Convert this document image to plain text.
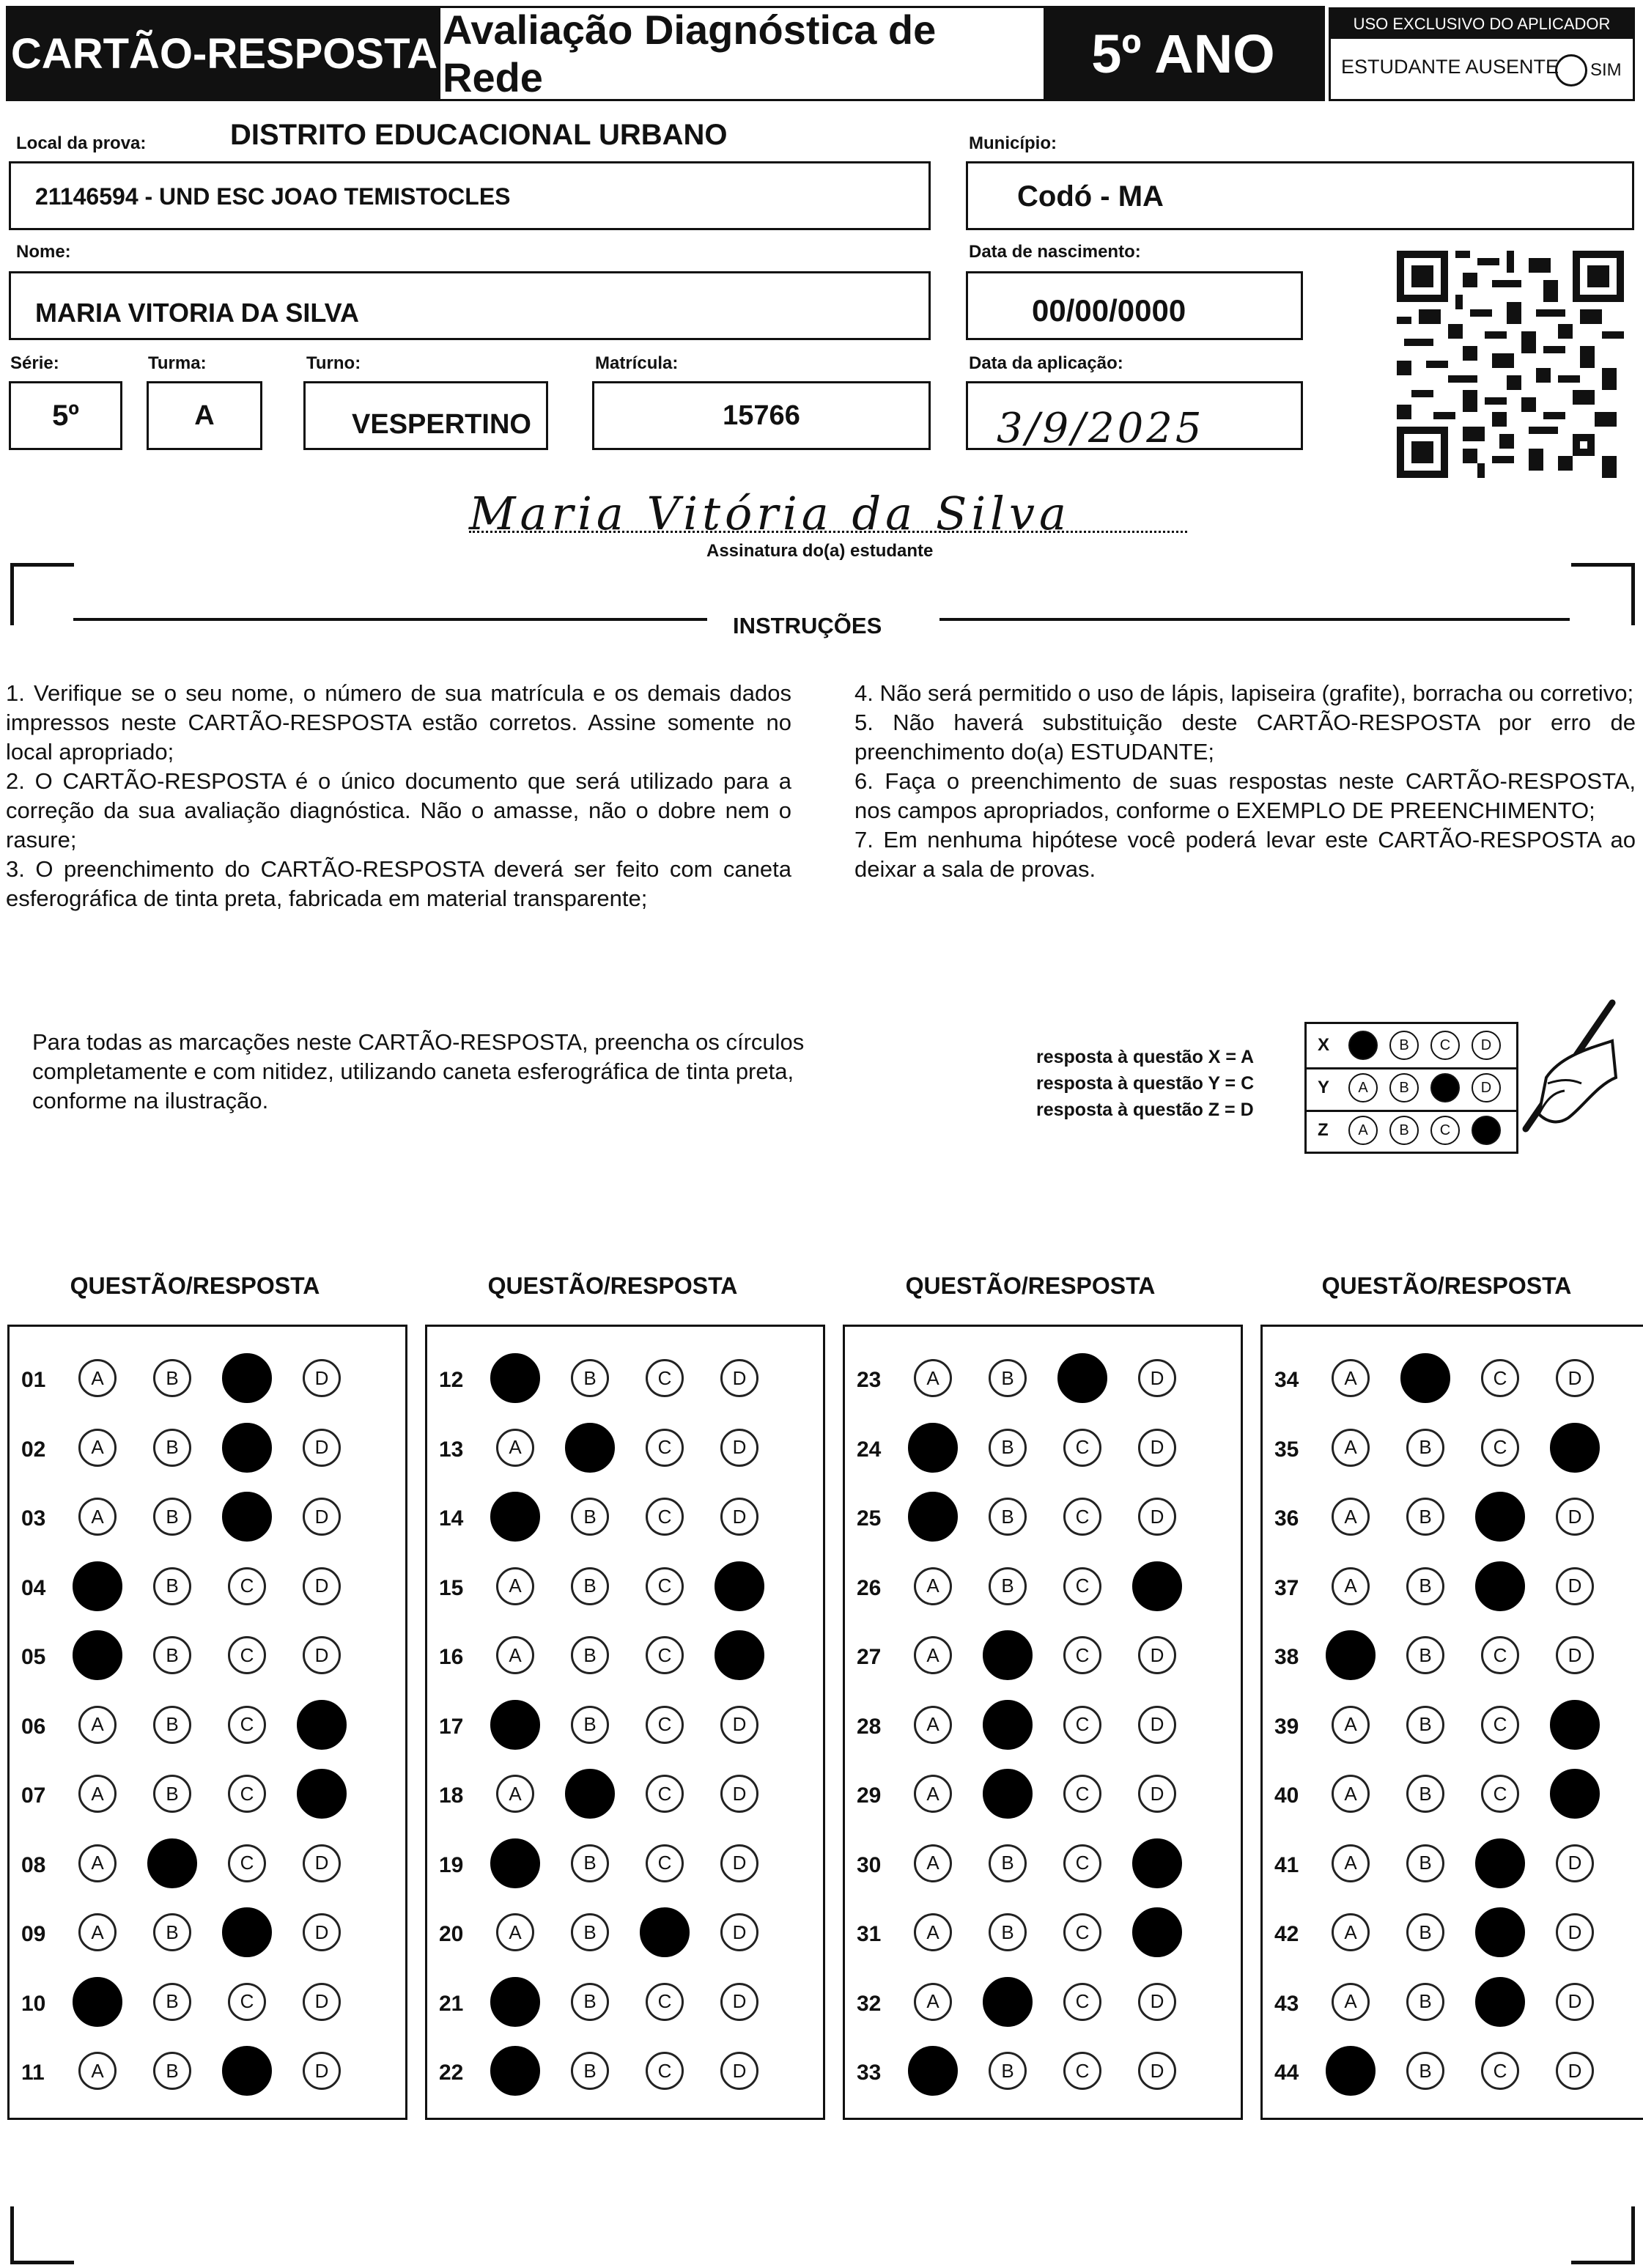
CARTÃO-RESPOSTA Avaliação Diagnóstica de Rede	5º ANO	USO EXCLUSIVO DO APLICADOR
ESTUDANTE AUSENTE SIM
Local da prova:	DISTRITO EDUCACIONAL URBANO
21146594 - UND ESC JOAO TEMISTOCLES
Município:
Codó - MA
Nome:
MARIA VITORIA DA SILVA
Data de nascimento:
00/00/0000
Série:
5º
Turma:
A
Turno:
VESPERTINO
Matrícula:
15766
Data da aplicação:
3/9/2025
Maria Vitória da Silva
Assinatura do(a) estudante
INSTRUÇÕES

1. Verifique se o seu nome, o número de sua matrícula e os demais dados impressos neste CARTÃO-RESPOSTA estão corretos. Assine somente no local apropriado;

2. O CARTÃO-RESPOSTA é o único documento que será utilizado para a correção da sua avaliação diagnóstica. Não o amasse, não o dobre nem o rasure;

3. O preenchimento do CARTÃO-RESPOSTA deverá ser feito com caneta esferográfica de tinta preta, fabricada em material transparente;

4. Não será permitido o uso de lápis, lapiseira (grafite), borracha ou corretivo;

5. Não haverá substituição deste CARTÃO-RESPOSTA por erro de preenchimento do(a) ESTUDANTE;

6. Faça o preenchimento de suas respostas neste CARTÃO-RESPOSTA, nos campos apropriados, conforme o EXEMPLO DE PREENCHIMENTO;

7. Em nenhuma hipótese você poderá levar este CARTÃO-RESPOSTA ao deixar a sala de provas.

Para todas as marcações neste CARTÃO-RESPOSTA, preencha os círculos completamente e com nitidez, utilizando caneta esferográfica de tinta preta, conforme na ilustração.
resposta à questão X = A
resposta à questão Y = C
resposta à questão Z = D
X	A	B	C	D
Y	A	B	C	D
Z	A	B	C	D
QUESTÃO/RESPOSTA	QUESTÃO/RESPOSTA	QUESTÃO/RESPOSTA	QUESTÃO/RESPOSTA
01	A	B	C	D
02	A	B	C	D
03	A	B	C	D
04	A	B	C	D
05	A	B	C	D
06	A	B	C	D
07	A	B	C	D
08	A	B	C	D
09	A	B	C	D
10	A	B	C	D
11	A	B	C	D
12	A	B	C	D
13	A	B	C	D
14	A	B	C	D
15	A	B	C	D
16	A	B	C	D
17	A	B	C	D
18	A	B	C	D
19	A	B	C	D
20	A	B	C	D
21	A	B	C	D
22	A	B	C	D
23	A	B	C	D
24	A	B	C	D
25	A	B	C	D
26	A	B	C	D
27	A	B	C	D
28	A	B	C	D
29	A	B	C	D
30	A	B	C	D
31	A	B	C	D
32	A	B	C	D
33	A	B	C	D
34	A	B	C	D
35	A	B	C	D
36	A	B	C	D
37	A	B	C	D
38	A	B	C	D
39	A	B	C	D
40	A	B	C	D
41	A	B	C	D
42	A	B	C	D
43	A	B	C	D
44	A	B	C	D
